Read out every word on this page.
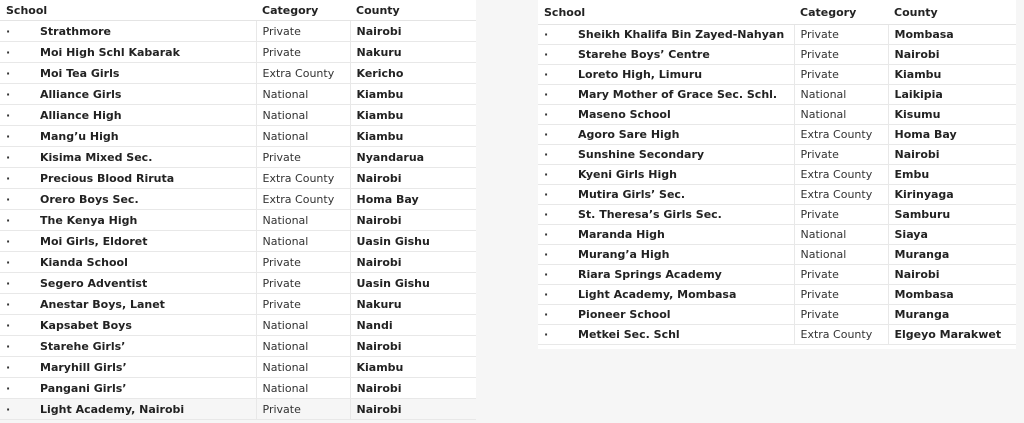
School	Category	County
· Strathmore	Private	Nairobi
· Moi High Schl Kabarak	Private	Nakuru
· Moi Tea Girls	Extra County	Kericho
· Alliance Girls	National	Kiambu
· Alliance High	National	Kiambu
· Mang’u High	National	Kiambu
· Kisima Mixed Sec.	Private	Nyandarua
· Precious Blood Riruta	Extra County	Nairobi
· Orero Boys Sec.	Extra County	Homa Bay
· The Kenya High	National	Nairobi
· Moi Girls, Eldoret	National	Uasin Gishu
· Kianda School	Private	Nairobi
· Segero Adventist	Private	Uasin Gishu
· Anestar Boys, Lanet	Private	Nakuru
· Kapsabet Boys	National	Nandi
· Starehe Girls’	National	Nairobi
· Maryhill Girls’	National	Kiambu
· Pangani Girls’	National	Nairobi
· Light Academy, Nairobi	Private	Nairobi
School	Category	County
· Sheikh Khalifa Bin Zayed-Nahyan	Private	Mombasa
· Starehe Boys’ Centre	Private	Nairobi
· Loreto High, Limuru	Private	Kiambu
· Mary Mother of Grace Sec. Schl.	National	Laikipia
· Maseno School	National	Kisumu
· Agoro Sare High	Extra County	Homa Bay
· Sunshine Secondary	Private	Nairobi
· Kyeni Girls High	Extra County	Embu
· Mutira Girls’ Sec.	Extra County	Kirinyaga
· St. Theresa’s Girls Sec.	Private	Samburu
· Maranda High	National	Siaya
· Murang’a High	National	Muranga
· Riara Springs Academy	Private	Nairobi
· Light Academy, Mombasa	Private	Mombasa
· Pioneer School	Private	Muranga
· Metkei Sec. Schl	Extra County	Elgeyo Marakwet
